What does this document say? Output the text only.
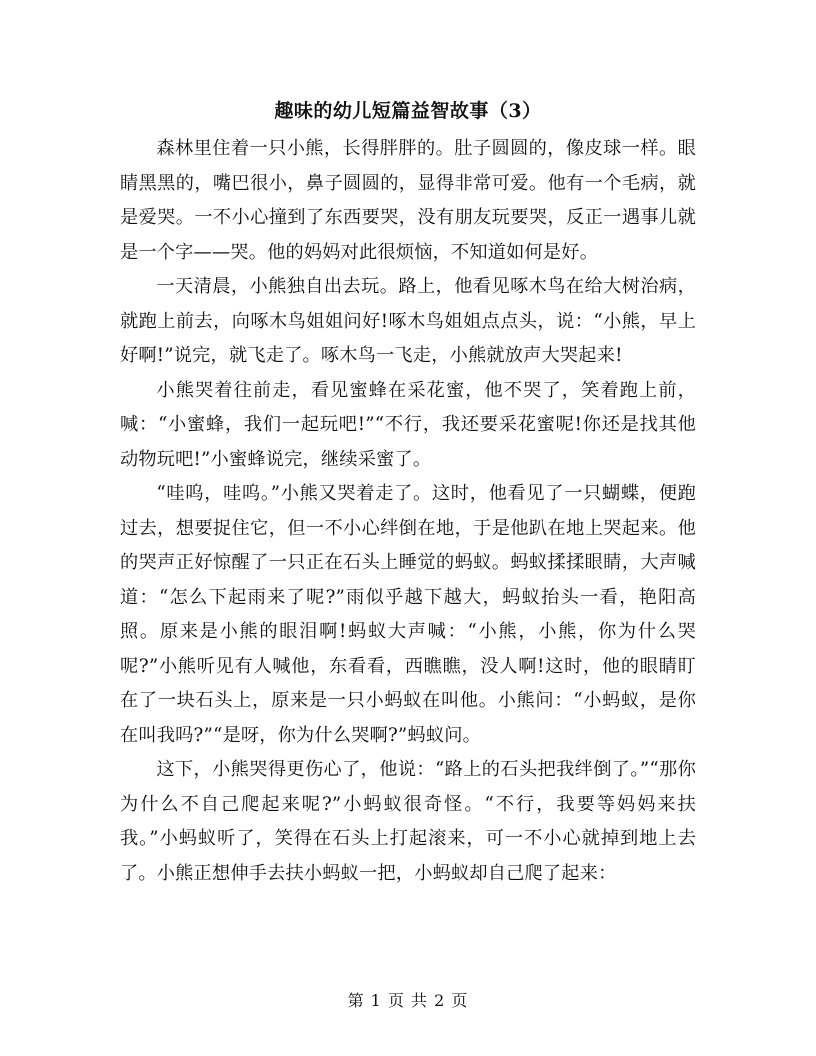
趣味的幼儿短篇益智故事（3）

森林里住着一只小熊，长得胖胖的。肚子圆圆的，像皮球一样。眼睛黑黑的，嘴巴很小，鼻子圆圆的，显得非常可爱。他有一个毛病，就是爱哭。一不小心撞到了东西要哭，没有朋友玩要哭，反正一遇事儿就是一个字——哭。他的妈妈对此很烦恼，不知道如何是好。

一天清晨，小熊独自出去玩。路上，他看见啄木鸟在给大树治病，就跑上前去，向啄木鸟姐姐问好!啄木鸟姐姐点点头，说：“小熊，早上好啊!”说完，就飞走了。啄木鸟一飞走，小熊就放声大哭起来!

小熊哭着往前走，看见蜜蜂在采花蜜，他不哭了，笑着跑上前，喊：“小蜜蜂，我们一起玩吧!”“不行，我还要采花蜜呢!你还是找其他动物玩吧!”小蜜蜂说完，继续采蜜了。

“哇呜，哇呜。”小熊又哭着走了。这时，他看见了一只蝴蝶，便跑过去，想要捉住它，但一不小心绊倒在地，于是他趴在地上哭起来。他的哭声正好惊醒了一只正在石头上睡觉的蚂蚁。蚂蚁揉揉眼睛，大声喊道：“怎么下起雨来了呢?”雨似乎越下越大，蚂蚁抬头一看，艳阳高照。原来是小熊的眼泪啊!蚂蚁大声喊：“小熊，小熊，你为什么哭呢?”小熊听见有人喊他，东看看，西瞧瞧，没人啊!这时，他的眼睛盯在了一块石头上，原来是一只小蚂蚁在叫他。小熊问：“小蚂蚁，是你在叫我吗?”“是呀，你为什么哭啊?”蚂蚁问。

这下，小熊哭得更伤心了，他说：“路上的石头把我绊倒了。”“那你为什么不自己爬起来呢?”小蚂蚁很奇怪。“不行，我要等妈妈来扶我。”小蚂蚁听了，笑得在石头上打起滚来，可一不小心就掉到地上去了。小熊正想伸手去扶小蚂蚁一把，小蚂蚁却自己爬了起来：

第 1 页 共 2 页
